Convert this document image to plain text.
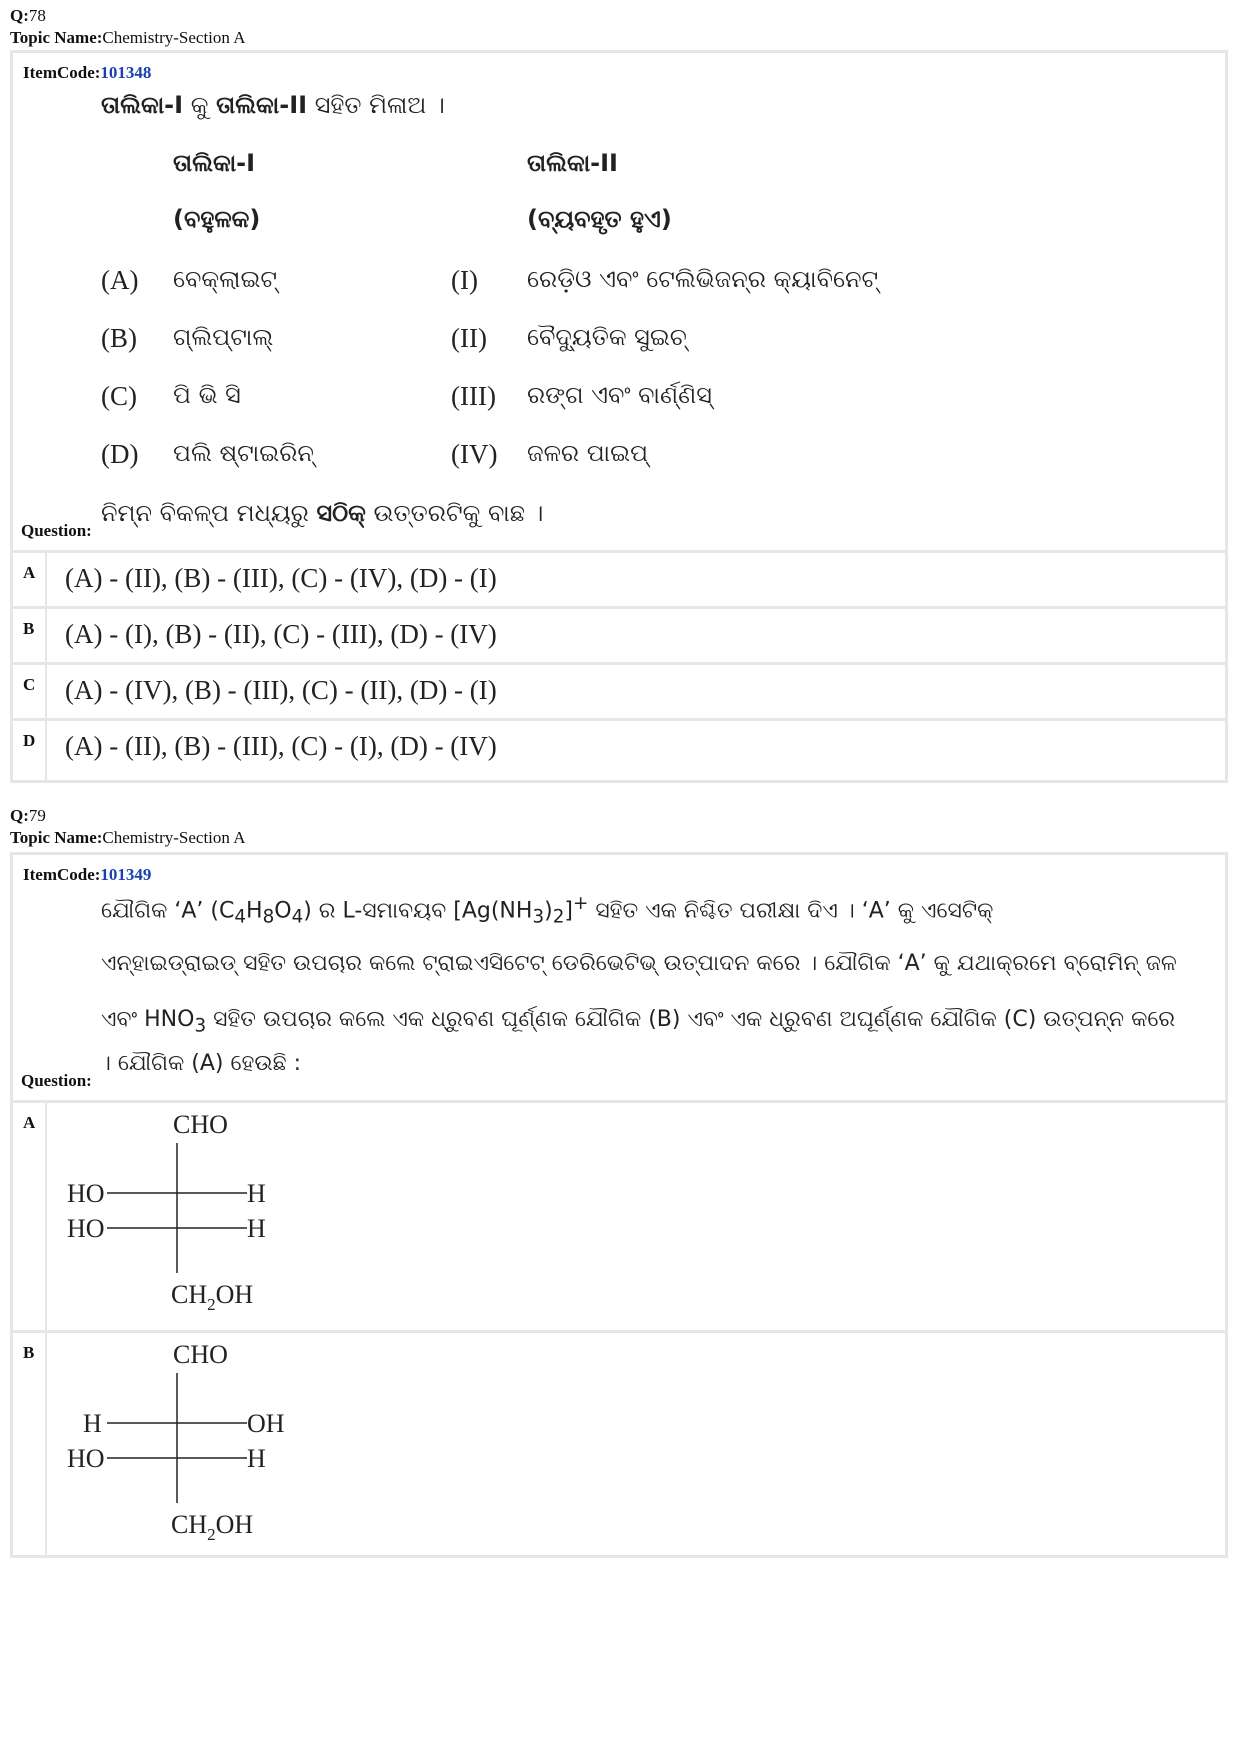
Q:78
Topic Name:Chemistry-Section A
ItemCode:101348
ତାଲିକା-I କୁ ତାଲିକା-II ସହିତ ମିଳାଅ ।
ତାଲିକା-I	ତାଲିକା-II
(ବହୁଳକ)	(ବ୍ୟବହୃତ ହୁଏ)
(A) ବେକ୍‌ଲାଇଟ୍	(I) ରେଡ଼ିଓ ଏବଂ ଟେଲିଭିଜନ୍‌ର କ୍ୟାବିନେଟ୍
(B) ଗ୍ଲିପ୍‌ଟାଲ୍	(II) ବୈଦ୍ୟୁତିକ ସୁଇଚ୍
(C) ପି ଭି ସି	(III) ରଙ୍ଗ ଏବଂ ବାର୍ଣ୍ଣିସ୍
(D) ପଲି ଷ୍ଟାଇରିନ୍	(IV) ଜଳର ପାଇପ୍
Question:
ନିମ୍ନ ବିକଳ୍ପ ମଧ୍ୟରୁ ସଠିକ୍ ଉତ୍ତରଟିକୁ ବାଛ ।
A (A) - (II), (B) - (III), (C) - (IV), (D) - (I)
B (A) - (I), (B) - (II), (C) - (III), (D) - (IV)
C (A) - (IV), (B) - (III), (C) - (II), (D) - (I)
D (A) - (II), (B) - (III), (C) - (I), (D) - (IV)
Q:79
Topic Name:Chemistry-Section A
ItemCode:101349
ଯୌଗିକ ‘A’ $(C_4H_8O_4)$ ର L-ସମାବୟବ $[Ag(NH_3)_2]^+$ ସହିତ ଏକ ନିଶ୍ଚିତ ପରୀକ୍ଷା ଦିଏ । ‘A’ କୁ ଏସେଟିକ୍
ଏନ୍‌ହାଇଡ୍ରାଇଡ୍ ସହିତ ଉପଚାର କଲେ ଟ୍ରାଇଏସିଟେଟ୍ ଡେରିଭେଟିଭ୍ ଉତ୍ପାଦନ କରେ । ଯୌଗିକ ‘A’ କୁ ଯଥାକ୍ରମେ ବ୍ରୋମିନ୍ ଜଳ
ଏବଂ $HNO_3$ ସହିତ ଉପଚାର କଲେ ଏକ ଧ୍ରୁବଣ ଘୂର୍ଣ୍ଣକ ଯୌଗିକ (B) ଏବଂ ଏକ ଧ୍ରୁବଣ ଅଘୂର୍ଣ୍ଣକ ଯୌଗିକ (C) ଉତ୍ପନ୍ନ କରେ
Question:
। ଯୌଗିକ (A) ହେଉଛି :
A	CHO
HO	H
HO	H
$CH_2OH$
B	CHO
H	OH
HO	H
$CH_2OH$
